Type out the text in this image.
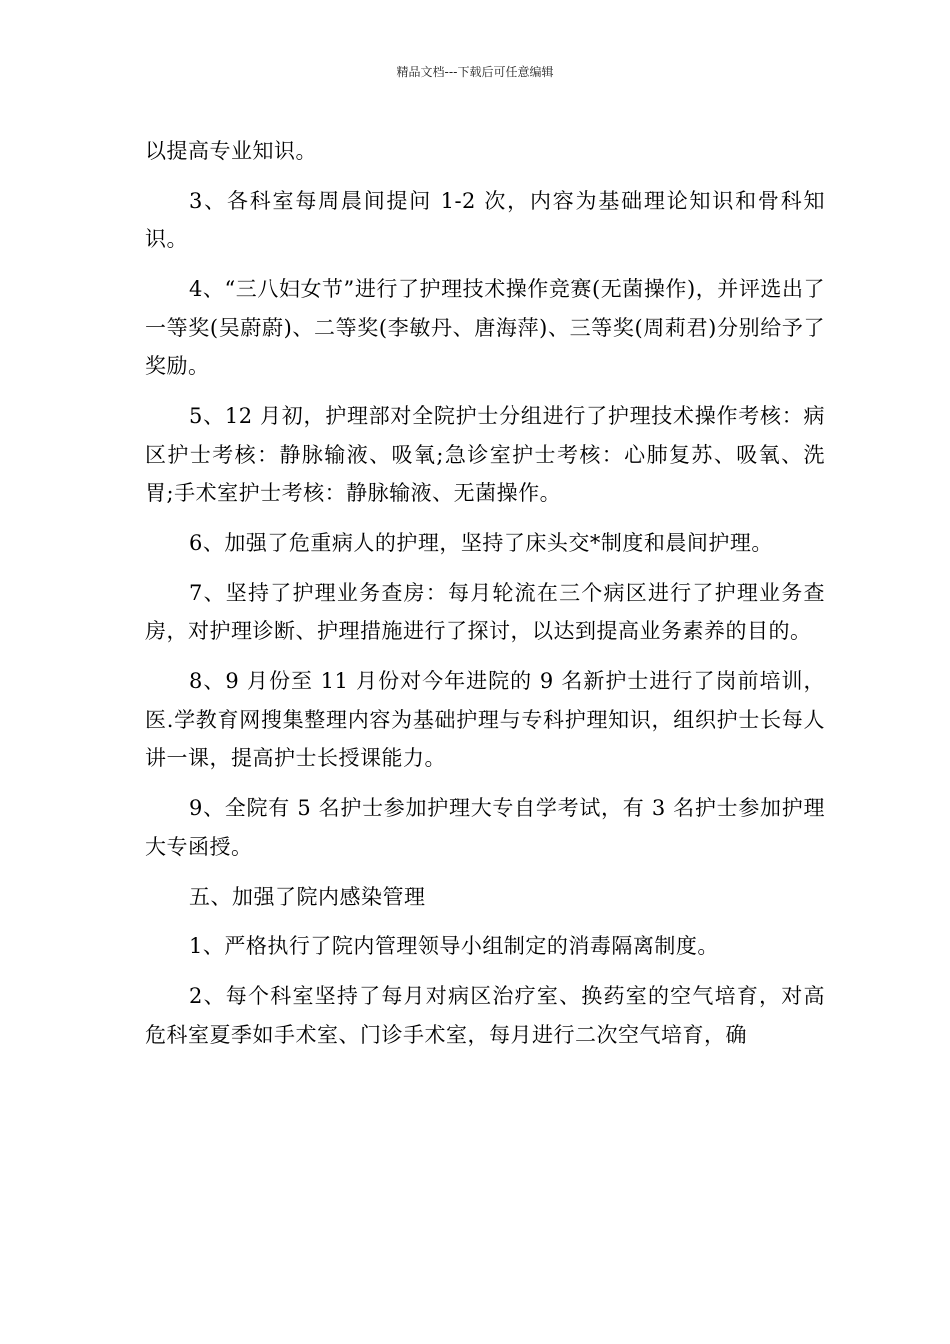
精品文档---下载后可任意编辑

以提高专业知识。

3、各科室每周晨间提问 1-2 次，内容为基础理论知识和骨科知识。

4、“三八妇女节”进行了护理技术操作竞赛(无菌操作)，并评选出了一等奖(吴蔚蔚)、二等奖(李敏丹、唐海萍)、三等奖(周莉君)分别给予了奖励。

5、12 月初，护理部对全院护士分组进行了护理技术操作考核：病区护士考核：静脉输液、吸氧;急诊室护士考核：心肺复苏、吸氧、洗胃;手术室护士考核：静脉输液、无菌操作。

6、加强了危重病人的护理，坚持了床头交*制度和晨间护理。

7、坚持了护理业务查房：每月轮流在三个病区进行了护理业务查房，对护理诊断、护理措施进行了探讨，以达到提高业务素养的目的。

8、9 月份至 11 月份对今年进院的 9 名新护士进行了岗前培训，医.学教育网搜集整理内容为基础护理与专科护理知识，组织护士长每人讲一课，提高护士长授课能力。

9、全院有 5 名护士参加护理大专自学考试，有 3 名护士参加护理大专函授。

五、加强了院内感染管理

1、严格执行了院内管理领导小组制定的消毒隔离制度。

2、每个科室坚持了每月对病区治疗室、换药室的空气培育，对高危科室夏季如手术室、门诊手术室，每月进行二次空气培育，确
